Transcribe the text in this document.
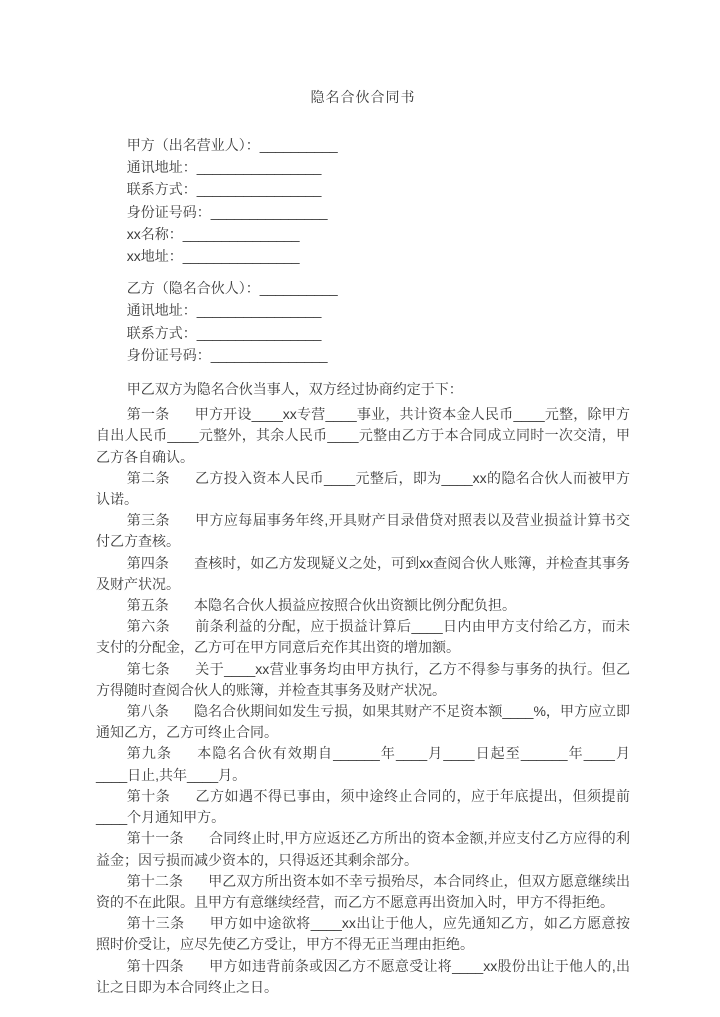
隐名合伙合同书

甲方（出名营业人）：__________

通讯地址：________________

联系方式：________________

身份证号码：_______________

xx名称：_______________

xx地址：_______________

乙方（隐名合伙人）：__________

通讯地址：________________

联系方式：________________

身份证号码：_______________

甲乙双方为隐名合伙当事人，双方经过协商约定于下：

第一条 甲方开设____xx专营____事业，共计资本金人民币____元整，除甲方自出人民币____元整外，其余人民币____元整由乙方于本合同成立同时一次交清，甲乙方各自确认。

第二条 乙方投入资本人民币____元整后，即为____xx的隐名合伙人而被甲方认诺。

第三条 甲方应每届事务年终,开具财产目录借贷对照表以及营业损益计算书交付乙方查核。

第四条 查核时，如乙方发现疑义之处，可到xx查阅合伙人账簿，并检查其事务及财产状况。

第五条 本隐名合伙人损益应按照合伙出资额比例分配负担。

第六条 前条利益的分配，应于损益计算后____日内由甲方支付给乙方，而未支付的分配金，乙方可在甲方同意后充作其出资的增加额。

第七条 关于____xx营业事务均由甲方执行，乙方不得参与事务的执行。但乙方得随时查阅合伙人的账簿，并检查其事务及财产状况。

第八条 隐名合伙期间如发生亏损，如果其财产不足资本额____%，甲方应立即通知乙方，乙方可终止合同。

第九条 本隐名合伙有效期自______年____月____日起至______年____月____日止,共年____月。

第十条 乙方如遇不得已事由，须中途终止合同的，应于年底提出，但须提前____个月通知甲方。

第十一条 合同终止时,甲方应返还乙方所出的资本金额,并应支付乙方应得的利益金；因亏损而减少资本的，只得返还其剩余部分。

第十二条 甲乙双方所出资本如不幸亏损殆尽，本合同终止，但双方愿意继续出资的不在此限。且甲方有意继续经营，而乙方不愿意再出资加入时，甲方不得拒绝。

第十三条 甲方如中途欲将____xx出让于他人，应先通知乙方，如乙方愿意按照时价受让，应尽先使乙方受让，甲方不得无正当理由拒绝。

第十四条 甲方如违背前条或因乙方不愿意受让将____xx股份出让于他人的,出让之日即为本合同终止之日。
